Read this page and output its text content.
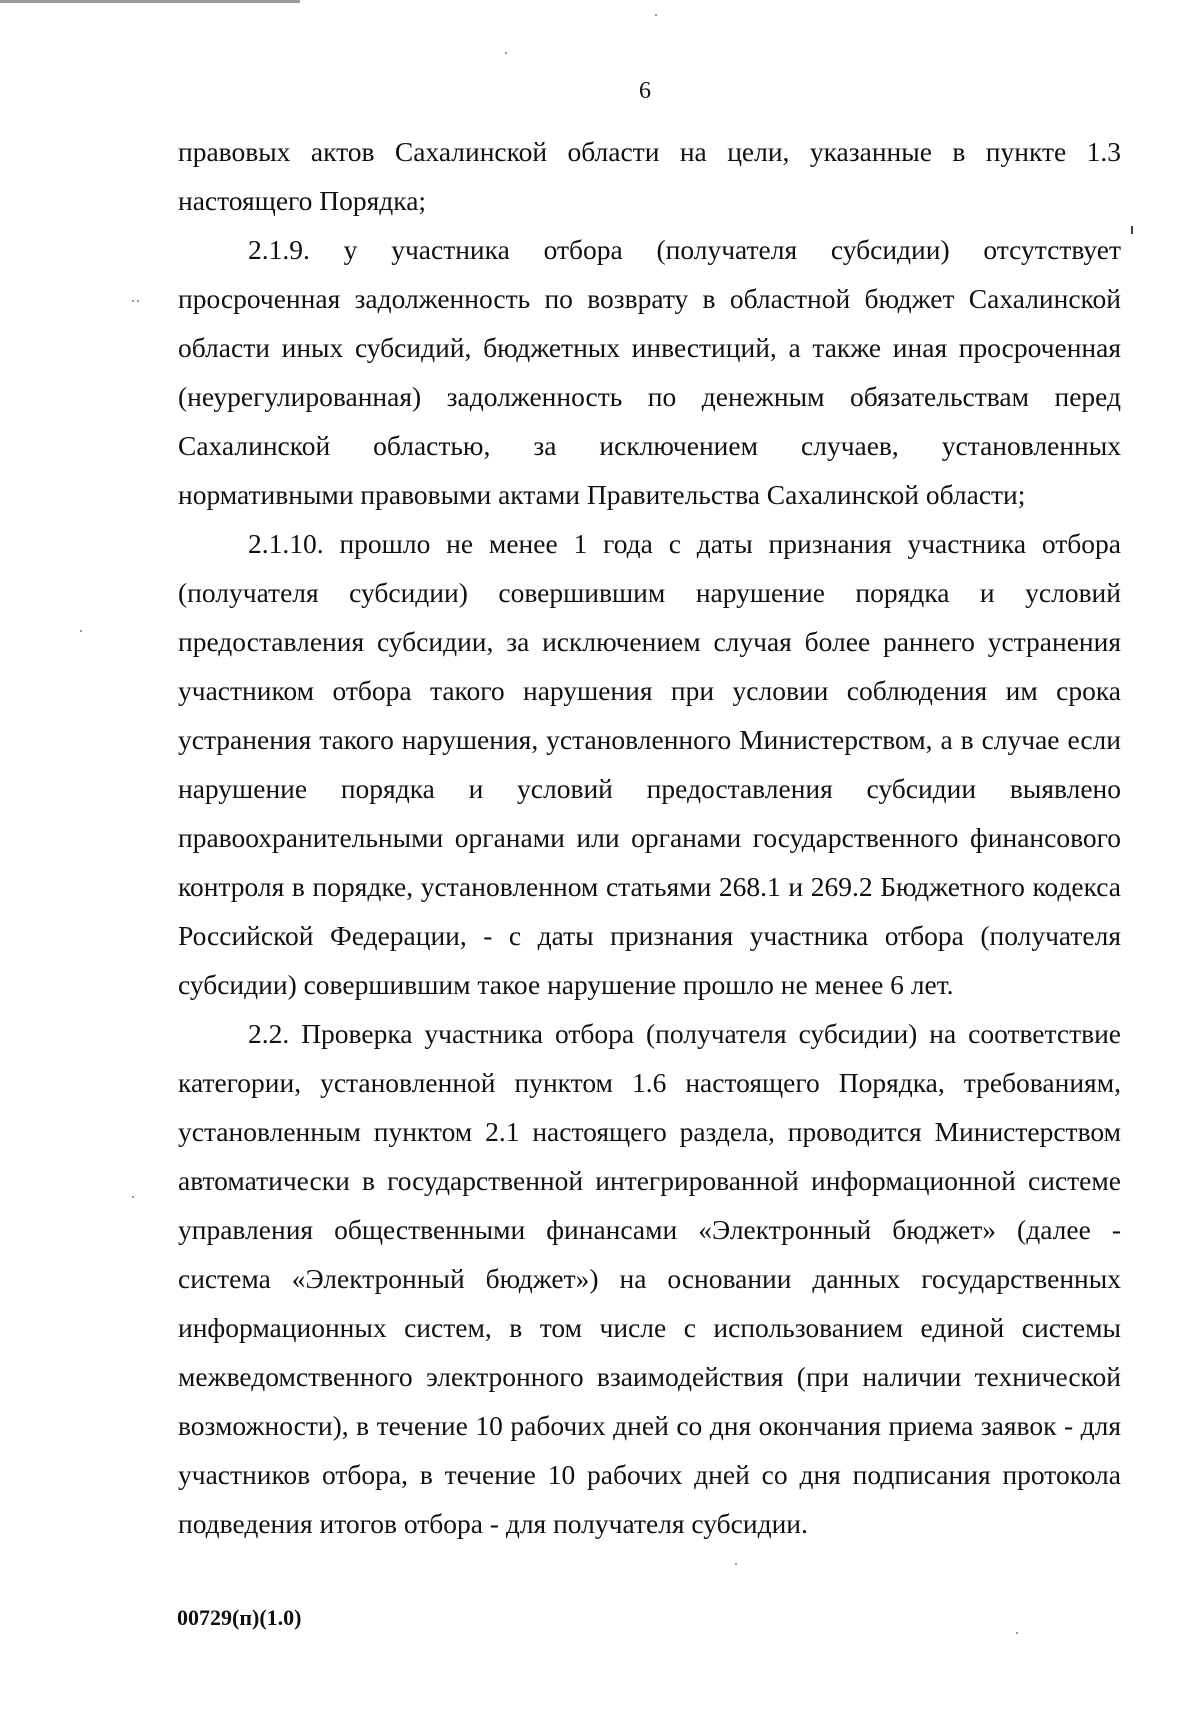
6

правовых актов Сахалинской области на цели, указанные в пункте 1.3 настоящего Порядка;

2.1.9. у участника отбора (получателя субсидии) отсутствует просроченная задолженность по возврату в областной бюджет Сахалинской области иных субсидий, бюджетных инвестиций, а также иная просроченная (неурегулированная) задолженность по денежным обязательствам перед Сахалинской областью, за исключением случаев, установленных нормативными правовыми актами Правительства Сахалинской области;

2.1.10. прошло не менее 1 года с даты признания участника отбора (получателя субсидии) совершившим нарушение порядка и условий предоставления субсидии, за исключением случая более раннего устранения участником отбора такого нарушения при условии соблюдения им срока устранения такого нарушения, установленного Министерством, а в случае если нарушение порядка и условий предоставления субсидии выявлено правоохранительными органами или органами государственного финансового контроля в порядке, установленном статьями 268.1 и 269.2 Бюджетного кодекса Российской Федерации, - с даты признания участника отбора (получателя субсидии) совершившим такое нарушение прошло не менее 6 лет.

2.2. Проверка участника отбора (получателя субсидии) на соответствие категории, установленной пунктом 1.6 настоящего Порядка, требованиям, установленным пунктом 2.1 настоящего раздела, проводится Министерством автоматически в государственной интегрированной информационной системе управления общественными финансами «Электронный бюджет» (далее - система «Электронный бюджет») на основании данных государственных информационных систем, в том числе с использованием единой системы межведомственного электронного взаимодействия (при наличии технической возможности), в течение 10 рабочих дней со дня окончания приема заявок - для участников отбора, в течение 10 рабочих дней со дня подписания протокола подведения итогов отбора - для получателя субсидии.

00729(п)(1.0)
